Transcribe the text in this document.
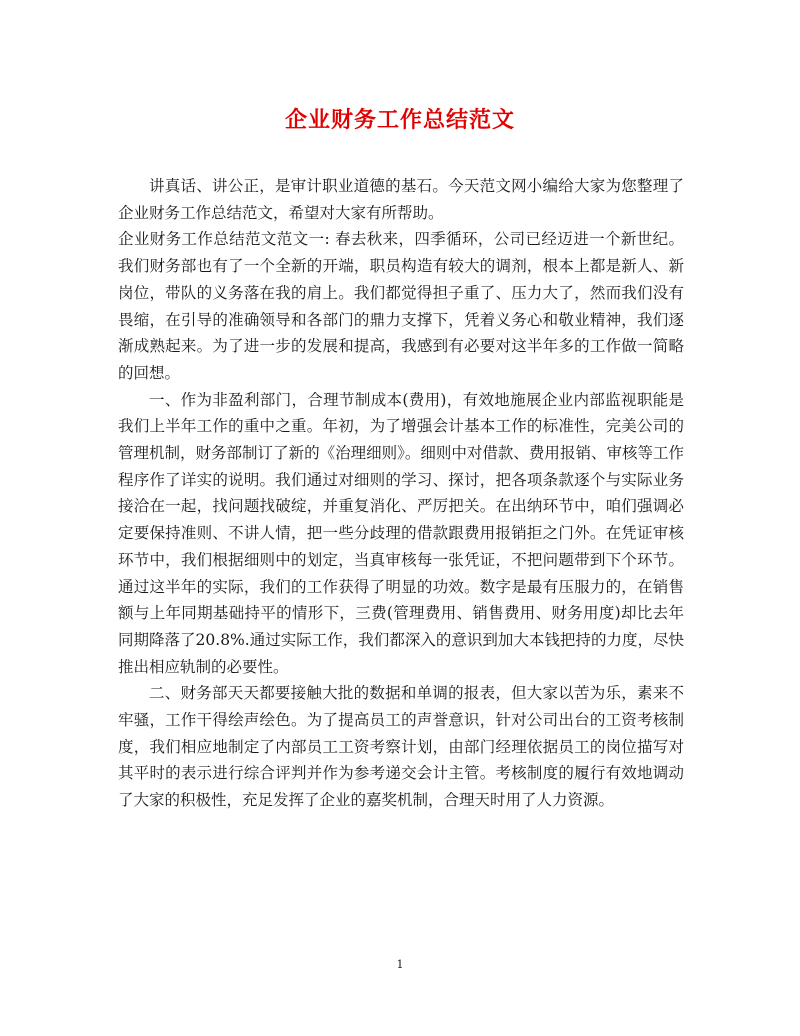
企业财务工作总结范文

讲真话、讲公正，是审计职业道德的基石。今天范文网小编给大家为您整理了企业财务工作总结范文，希望对大家有所帮助。

企业财务工作总结范文范文一: 春去秋来，四季循环，公司已经迈进一个新世纪。我们财务部也有了一个全新的开端，职员构造有较大的调剂，根本上都是新人、新岗位，带队的义务落在我的肩上。我们都觉得担子重了、压力大了，然而我们没有畏缩，在引导的准确领导和各部门的鼎力支撑下，凭着义务心和敬业精神，我们逐渐成熟起来。为了进一步的发展和提高，我感到有必要对这半年多的工作做一简略的回想。

一、作为非盈利部门，合理节制成本(费用)，有效地施展企业内部监视职能是我们上半年工作的重中之重。年初，为了增强会计基本工作的标准性，完美公司的管理机制，财务部制订了新的《治理细则》。细则中对借款、费用报销、审核等工作程序作了详实的说明。我们通过对细则的学习、探讨，把各项条款逐个与实际业务接洽在一起，找问题找破绽，并重复消化、严厉把关。在出纳环节中，咱们强调必定要保持准则、不讲人情，把一些分歧理的借款跟费用报销拒之门外。在凭证审核环节中，我们根据细则中的划定，当真审核每一张凭证，不把问题带到下个环节。通过这半年的实际，我们的工作获得了明显的功效。数字是最有压服力的，在销售额与上年同期基础持平的情形下，三费(管理费用、销售费用、财务用度)却比去年同期降落了20.8%.通过实际工作，我们都深入的意识到加大本钱把持的力度，尽快推出相应轨制的必要性。

二、财务部天天都要接触大批的数据和单调的报表，但大家以苦为乐，素来不牢骚，工作干得绘声绘色。为了提高员工的声誉意识，针对公司出台的工资考核制度，我们相应地制定了内部员工工资考察计划，由部门经理依据员工的岗位描写对其平时的表示进行综合评判并作为参考递交会计主管。考核制度的履行有效地调动了大家的积极性，充足发挥了企业的嘉奖机制，合理天时用了人力资源。

1
